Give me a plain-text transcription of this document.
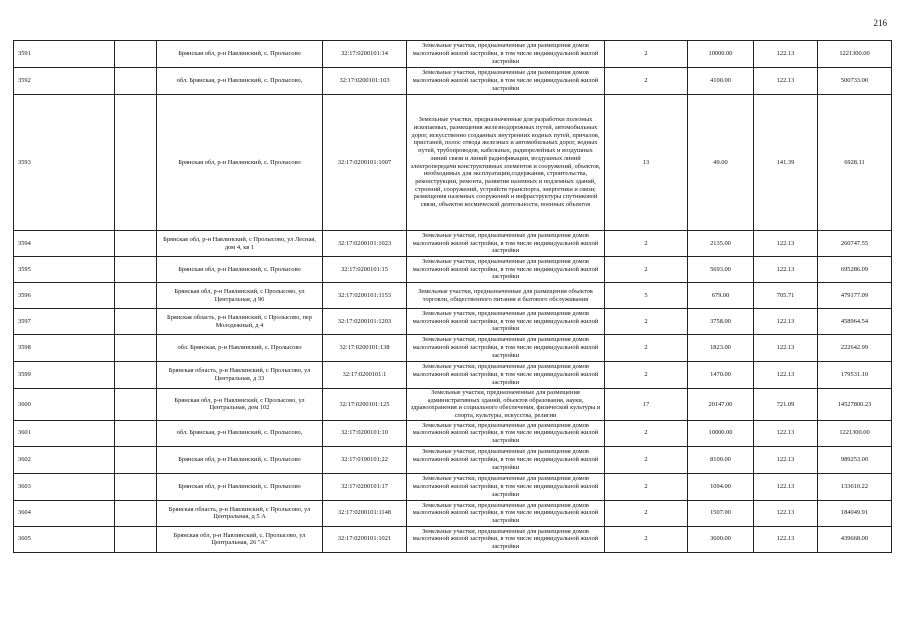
216
3591		Брянская обл, р-н Навлинский, с. Пролысово	32:17:0200101:14	Земельные участки, предназначенные для размещения домов малоэтажной жилой застройки, в том числе индивидуальной жилой застройки	2	10000.00	122.13	1221300.00
3592		обл. Брянская, р-н Навлинский, с. Пролысово,	32:17:0200101:103	Земельные участки, предназначенные для размещения домов малоэтажной жилой застройки, в том числе индивидуальной жилой застройки	2	4100.00	122.13	500733.00
3593		Брянская обл, р-н Навлинский, с. Пролысово	32:17:0200101:1007	Земельные участки, предназначенные для разработки полезных ископаемых, размещения железнодорожных путей, автомобильных дорог, искусственно созданных внутренних водных путей, причалов, пристаней, полос отвода железных и автомобильных дорог, водных путей, трубопроводов, кабельных, радиорелейных и воздушных линий связи и линий радиофикации, воздушных линий электропередачи конструктивных элементов и сооружений, объектов, необходимых для эксплуатации,содержания, строительства, реконструкции, ремонта, развития наземных и подземных зданий, строений, сооружений, устройств транспорта, энергетики и связи; размещения наземных сооружений и инфраструктуры спутниковой связи, объектов космической деятельности, военных объектов	13	49.00	141.39	6928.11
3594		Брянская обл, р-н Навлинский, с Пролысово, ул Лесная, дом 4, кв 1	32:17:0200101:1023	Земельные участки, предназначенные для размещения домов малоэтажной жилой застройки, в том числе индивидуальной жилой застройки	2	2135.00	122.13	260747.55
3595		Брянская обл, р-н Навлинский, с. Пролысово	32:17:0200101:15	Земельные участки, предназначенные для размещения домов малоэтажной жилой застройки, в том числе индивидуальной жилой застройки	2	5693.00	122.13	695286.09
3596		Брянская обл, р-н Навлинский, с Пролысово, ул Центральная, д 96	32:17:0200101:1153	Земельные участки, предназначенные для размещения объектов торговли, общественного питания и бытового обслуживания	5	679.00	705.71	479177.09
3597		Брянская область, р-н Навлинский, с Пролысово, пер Молодежный, д 4	32:17:0200101:1203	Земельные участки, предназначенные для размещения домов малоэтажной жилой застройки, в том числе индивидуальной жилой застройки	2	3758.00	122.13	458964.54
3598		обл. Брянская, р-н Навлинский, с. Пролысово	32:17:0200101:138	Земельные участки, предназначенные для размещения домов малоэтажной жилой застройки, в том числе индивидуальной жилой застройки	2	1823.00	122.13	222642.99
3599		Брянская область, р-н Навлинский, с Пролысово, ул Центральная, д 33	32:17:0200101:1	Земельные участки, предназначенные для размещения домов малоэтажной жилой застройки, в том числе индивидуальной жилой застройки	2	1470.00	122.13	179531.10
3600		Брянская обл, р-н Навлинский, с Пролысово, ул Центральная, дом 102	32:17:0200101:125	Земельные участки, предназначенные для размещения административных зданий, объектов образования, науки, здравоохранения и социального обеспечения, физической культуры и спорта, культуры, искусства, религии	17	20147.00	721.09	14527800.23
3601		обл. Брянская, р-н Навлинский, с. Пролысово,	32:17:0200101:10	Земельные участки, предназначенные для размещения домов малоэтажной жилой застройки, в том числе индивидуальной жилой застройки	2	10000.00	122.13	1221300.00
3602		Брянская обл, р-н Навлинский, с. Пролысово	32:17:0190101:22	Земельные участки, предназначенные для размещения домов малоэтажной жилой застройки, в том числе индивидуальной жилой застройки	2	8100.00	122.13	989253.00
3603		Брянская обл, р-н Навлинский, с. Пролысово	32:17:0200101:17	Земельные участки, предназначенные для размещения домов малоэтажной жилой застройки, в том числе индивидуальной жилой застройки	2	1094.00	122.13	133610.22
3604		Брянская область, р-н Навлинский, с Пролысово, ул Центральная, д 5 А	32:17:0200101:1148	Земельные участки, предназначенные для размещения домов малоэтажной жилой застройки, в том числе индивидуальной жилой застройки	2	1507.00	122.13	184049.91
3605		Брянская обл, р-н Навлинский, с. Пролысово, ул Центральная, 26 "А"	32:17:0200101:1021	Земельные участки, предназначенные для размещения домов малоэтажной жилой застройки, в том числе индивидуальной жилой застройки	2	3600.00	122.13	439668.00
